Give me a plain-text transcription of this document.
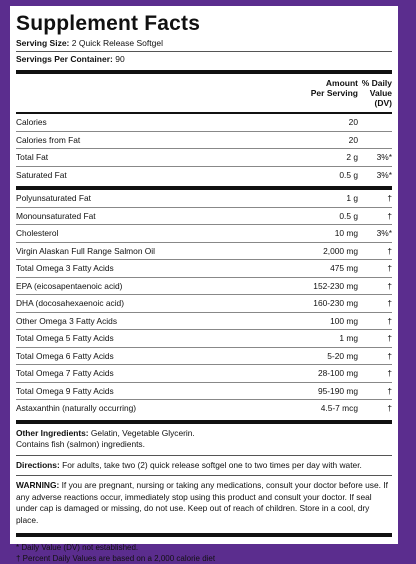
Supplement Facts
Serving Size: 2 Quick Release Softgel
Servings Per Container: 90
Amount
Per Serving
% Daily
Value
(DV)
Calories	20
Calories from Fat	20
Total Fat	2 g	3%*
Saturated Fat	0.5 g	3%*
Polyunsaturated Fat	1 g	†
Monounsaturated Fat	0.5 g	†
Cholesterol	10 mg	3%*
Virgin Alaskan Full Range Salmon Oil	2,000 mg	†
Total Omega 3 Fatty Acids	475 mg	†
EPA (eicosapentaenoic acid)	152-230 mg	†
DHA (docosahexaenoic acid)	160-230 mg	†
Other Omega 3 Fatty Acids	100 mg	†
Total Omega 5 Fatty Acids	1 mg	†
Total Omega 6 Fatty Acids	5-20 mg	†
Total Omega 7 Fatty Acids	28-100 mg	†
Total Omega 9 Fatty Acids	95-190 mg	†
Astaxanthin (naturally occurring)	4.5-7 mcg	†
Other Ingredients: Gelatin, Vegetable Glycerin.
Contains fish (salmon) ingredients.
Directions: For adults, take two (2) quick release softgel one to two times per day with water.
WARNING: If you are pregnant, nursing or taking any medications, consult your doctor before use. If any adverse reactions occur, immediately stop using this product and consult your doctor. If seal under cap is damaged or missing, do not use. Keep out of reach of children. Store in a cool, dry place.
* Daily Value (DV) not established.
† Percent Daily Values are based on a 2,000 calorie diet
